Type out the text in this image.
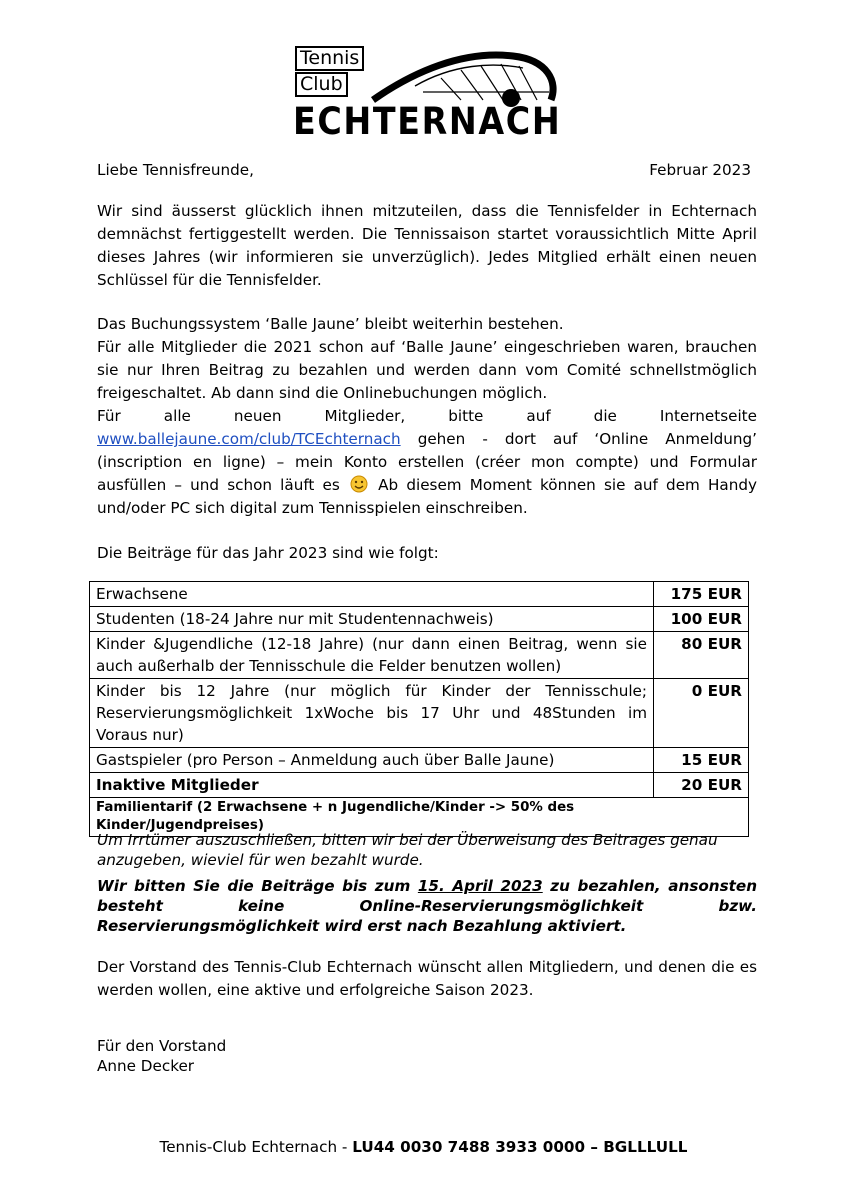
Tennis
Club
ECHTERNACH
Liebe Tennisfreunde,	Februar 2023

Wir sind äusserst glücklich ihnen mitzuteilen, dass die Tennisfelder in Echternach demnächst fertiggestellt werden. Die Tennissaison startet voraussichtlich Mitte April dieses Jahres (wir informieren sie unverzüglich). Jedes Mitglied erhält einen neuen Schlüssel für die Tennisfelder.

Das Buchungssystem ‘Balle Jaune’ bleibt weiterhin bestehen.

Für alle Mitglieder die 2021 schon auf ‘Balle Jaune’ eingeschrieben waren, brauchen sie nur Ihren Beitrag zu bezahlen und werden dann vom Comité schnellstmöglich freigeschaltet. Ab dann sind die Onlinebuchungen möglich.

Für alle neuen Mitglieder, bitte auf die Internetseite www.ballejaune.com/club/TCEchternach gehen - dort auf ‘Online Anmeldung’ (inscription en ligne) – mein Konto erstellen (créer mon compte) und Formular ausfüllen – und schon läuft es  Ab diesem Moment können sie auf dem Handy und/oder PC sich digital zum Tennisspielen einschreiben.

Die Beiträge für das Jahr 2023 sind wie folgt:
Erwachsene	175 EUR
Studenten (18-24 Jahre nur mit Studentennachweis)	100 EUR
Kinder &Jugendliche (12-18 Jahre) (nur dann einen Beitrag, wenn sie auch außerhalb der Tennisschule die Felder benutzen wollen)	80 EUR
Kinder bis 12 Jahre (nur möglich für Kinder der Tennisschule; Reservierungsmöglichkeit 1xWoche bis 17 Uhr und 48Stunden im Voraus nur)	0 EUR
Gastspieler (pro Person – Anmeldung auch über Balle Jaune)	15 EUR
Inaktive Mitglieder	20 EUR
Familientarif (2 Erwachsene + n Jugendliche/Kinder -> 50% des Kinder/Jugendpreises)	
Um Irrtümer auszuschließen, bitten wir bei der Überweisung des Beitrages genau anzugeben, wieviel für wen bezahlt wurde.
Wir bitten Sie die Beiträge bis zum 15. April 2023 zu bezahlen, ansonsten besteht keine Online-Reservierungsmöglichkeit bzw. Reservierungsmöglichkeit wird erst nach Bezahlung aktiviert.

Der Vorstand des Tennis-Club Echternach wünscht allen Mitgliedern, und denen die es werden wollen, eine aktive und erfolgreiche Saison 2023.

Für den Vorstand
Anne Decker
Tennis-Club Echternach - LU44 0030 7488 3933 0000 – BGLLLULL
